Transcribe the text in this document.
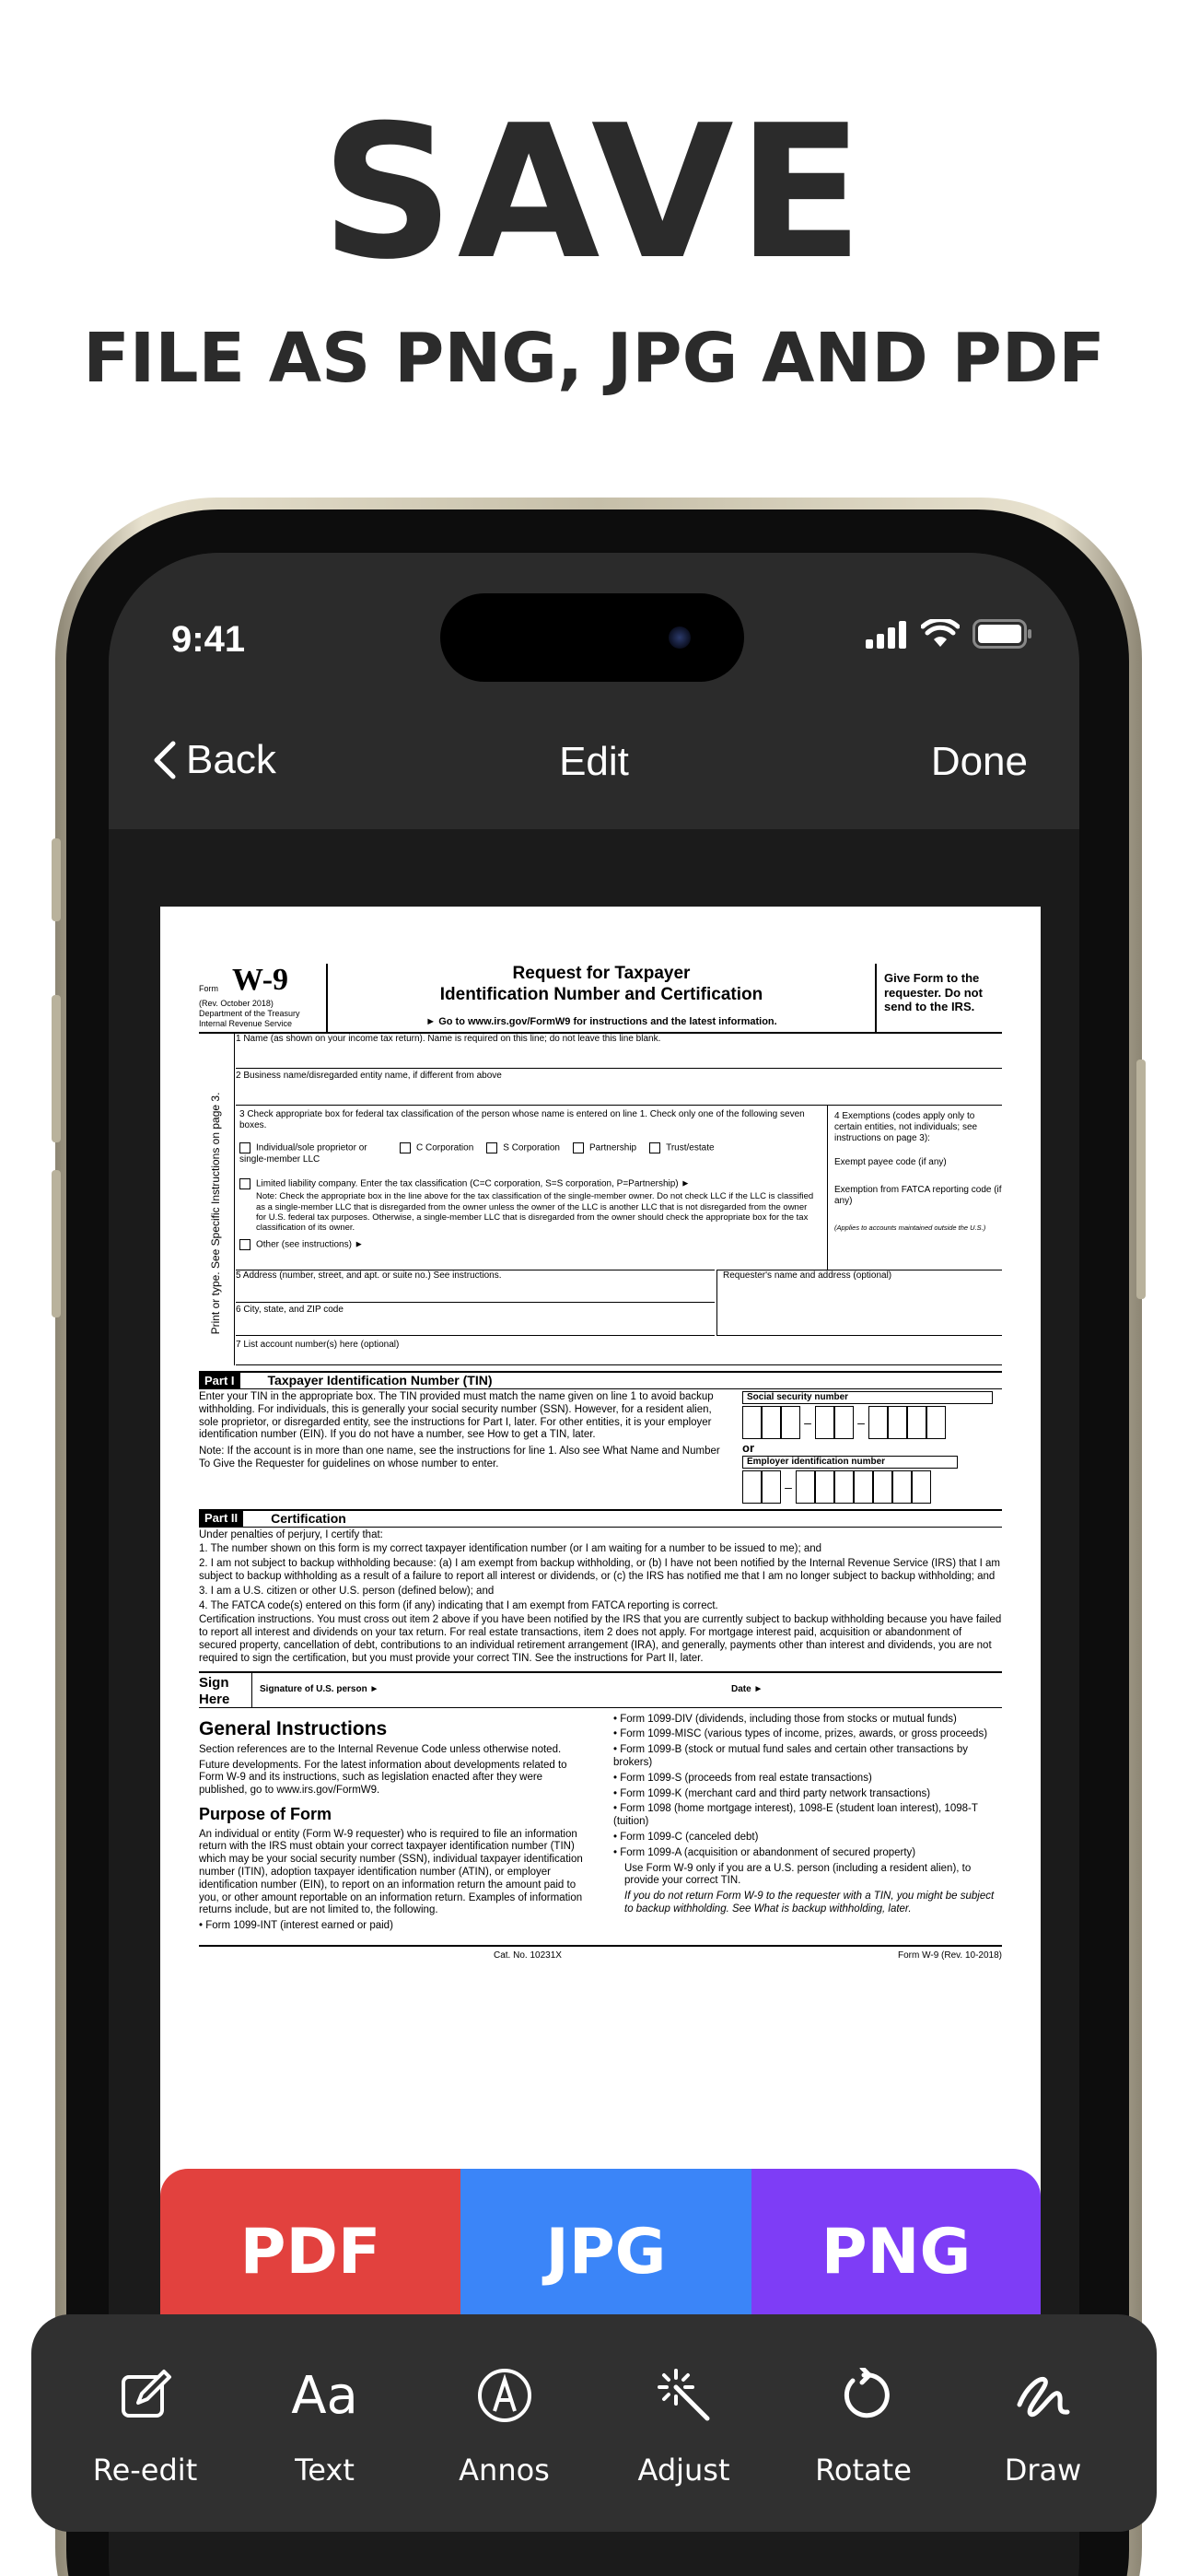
SAVE
FILE AS PNG, JPG AND PDF
9:41
Back	Edit	Done
Form W-9
(Rev. October 2018)
Department of the Treasury
Internal Revenue Service
Request for Taxpayer
Identification Number and Certification
► Go to www.irs.gov/FormW9 for instructions and the latest information.
Give Form to the requester. Do not send to the IRS.
Print or type. See Specific Instructions on page 3.
1 Name (as shown on your income tax return). Name is required on this line; do not leave this line blank.
2 Business name/disregarded entity name, if different from above
3 Check appropriate box for federal tax classification of the person whose name is entered on line 1. Check only one of the following seven boxes.
Individual/sole proprietor or single-member LLC
C Corporation	S Corporation	Partnership	Trust/estate
Limited liability company. Enter the tax classification (C=C corporation, S=S corporation, P=Partnership) ►
Note: Check the appropriate box in the line above for the tax classification of the single-member owner. Do not check LLC if the LLC is classified as a single-member LLC that is disregarded from the owner unless the owner of the LLC is another LLC that is not disregarded from the owner for U.S. federal tax purposes. Otherwise, a single-member LLC that is disregarded from the owner should check the appropriate box for the tax classification of its owner.
Other (see instructions) ►
4 Exemptions (codes apply only to certain entities, not individuals; see instructions on page 3):
Exempt payee code (if any)
Exemption from FATCA reporting code (if any)
(Applies to accounts maintained outside the U.S.)
5 Address (number, street, and apt. or suite no.) See instructions.	Requester's name and address (optional)
6 City, state, and ZIP code
7 List account number(s) here (optional)
Part I	Taxpayer Identification Number (TIN)

Enter your TIN in the appropriate box. The TIN provided must match the name given on line 1 to avoid backup withholding. For individuals, this is generally your social security number (SSN). However, for a resident alien, sole proprietor, or disregarded entity, see the instructions for Part I, later. For other entities, it is your employer identification number (EIN). If you do not have a number, see How to get a TIN, later.

Note: If the account is in more than one name, see the instructions for line 1. Also see What Name and Number To Give the Requester for guidelines on whose number to enter.

Social security number
–	–
or
Employer identification number
–
Part II	Certification

Under penalties of perjury, I certify that:

1. The number shown on this form is my correct taxpayer identification number (or I am waiting for a number to be issued to me); and

2. I am not subject to backup withholding because: (a) I am exempt from backup withholding, or (b) I have not been notified by the Internal Revenue Service (IRS) that I am subject to backup withholding as a result of a failure to report all interest or dividends, or (c) the IRS has notified me that I am no longer subject to backup withholding; and

3. I am a U.S. citizen or other U.S. person (defined below); and

4. The FATCA code(s) entered on this form (if any) indicating that I am exempt from FATCA reporting is correct.

Certification instructions. You must cross out item 2 above if you have been notified by the IRS that you are currently subject to backup withholding because you have failed to report all interest and dividends on your tax return. For real estate transactions, item 2 does not apply. For mortgage interest paid, acquisition or abandonment of secured property, cancellation of debt, contributions to an individual retirement arrangement (IRA), and generally, payments other than interest and dividends, you are not required to sign the certification, but you must provide your correct TIN. See the instructions for Part II, later.

Sign Here
Signature of U.S. person ►	Date ►
General Instructions

Section references are to the Internal Revenue Code unless otherwise noted.

Future developments. For the latest information about developments related to Form W-9 and its instructions, such as legislation enacted after they were published, go to www.irs.gov/FormW9.

Purpose of Form

An individual or entity (Form W-9 requester) who is required to file an information return with the IRS must obtain your correct taxpayer identification number (TIN) which may be your social security number (SSN), individual taxpayer identification number (ITIN), adoption taxpayer identification number (ATIN), or employer identification number (EIN), to report on an information return the amount paid to you, or other amount reportable on an information return. Examples of information returns include, but are not limited to, the following.

• Form 1099-INT (interest earned or paid)

• Form 1099-DIV (dividends, including those from stocks or mutual funds)

• Form 1099-MISC (various types of income, prizes, awards, or gross proceeds)

• Form 1099-B (stock or mutual fund sales and certain other transactions by brokers)

• Form 1099-S (proceeds from real estate transactions)

• Form 1099-K (merchant card and third party network transactions)

• Form 1098 (home mortgage interest), 1098-E (student loan interest), 1098-T (tuition)

• Form 1099-C (canceled debt)

• Form 1099-A (acquisition or abandonment of secured property)

Use Form W-9 only if you are a U.S. person (including a resident alien), to provide your correct TIN.

If you do not return Form W-9 to the requester with a TIN, you might be subject to backup withholding. See What is backup withholding, later.

Cat. No. 10231X	Form W-9 (Rev. 10-2018)
PDF	JPG	PNG
Re-edit
Aa
Text	Annos	Adjust	Rotate	Draw
